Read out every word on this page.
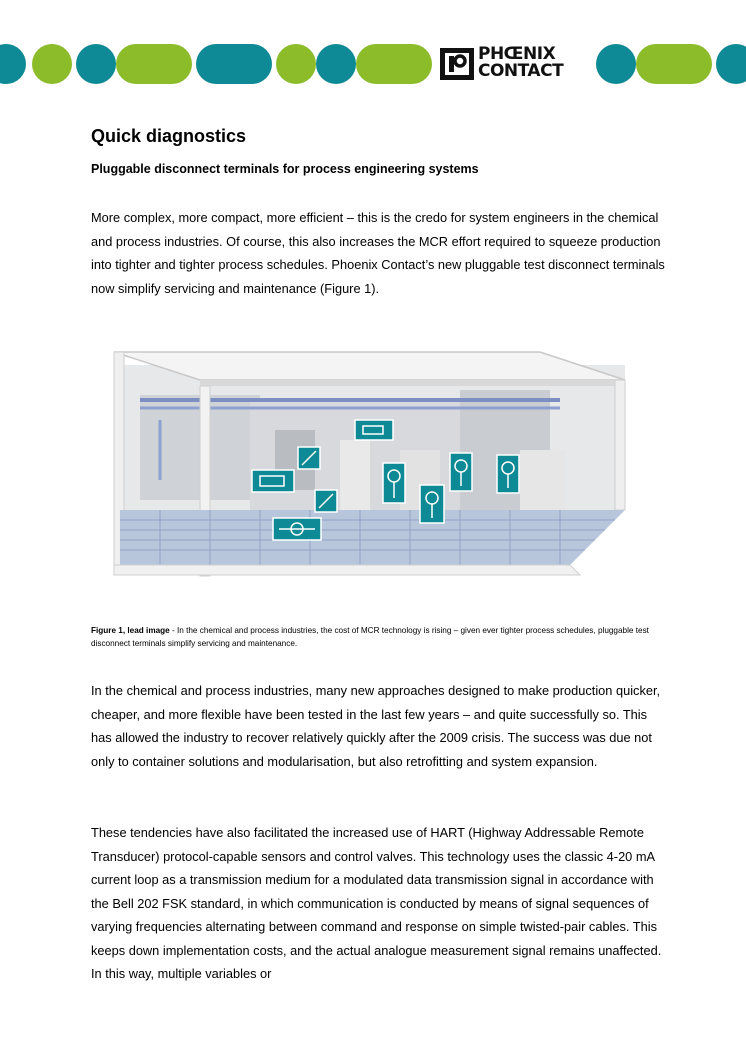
PHŒNIX
CONTACT
Quick diagnostics

Pluggable disconnect terminals for process engineering systems

More complex, more compact, more efficient – this is the credo for system engineers in the chemical and process industries. Of course, this also increases the MCR effort required to squeeze production into tighter and tighter process schedules. Phoenix Contact’s new pluggable test disconnect terminals now simplify servicing and maintenance (Figure 1).

Figure 1, lead image - In the chemical and process industries, the cost of MCR technology is rising – given ever tighter process schedules, pluggable test disconnect terminals simplify servicing and maintenance.

In the chemical and process industries, many new approaches designed to make production quicker, cheaper, and more flexible have been tested in the last few years – and quite successfully so. This has allowed the industry to recover relatively quickly after the 2009 crisis. The success was due not only to container solutions and modularisation, but also retrofitting and system expansion.

These tendencies have also facilitated the increased use of HART (Highway Addressable Remote Transducer) protocol-capable sensors and control valves. This technology uses the classic 4-20 mA current loop as a transmission medium for a modulated data transmission signal in accordance with the Bell 202 FSK standard, in which communication is conducted by means of signal sequences of varying frequencies alternating between command and response on simple twisted-pair cables. This keeps down implementation costs, and the actual analogue measurement signal remains unaffected. In this way, multiple variables or
